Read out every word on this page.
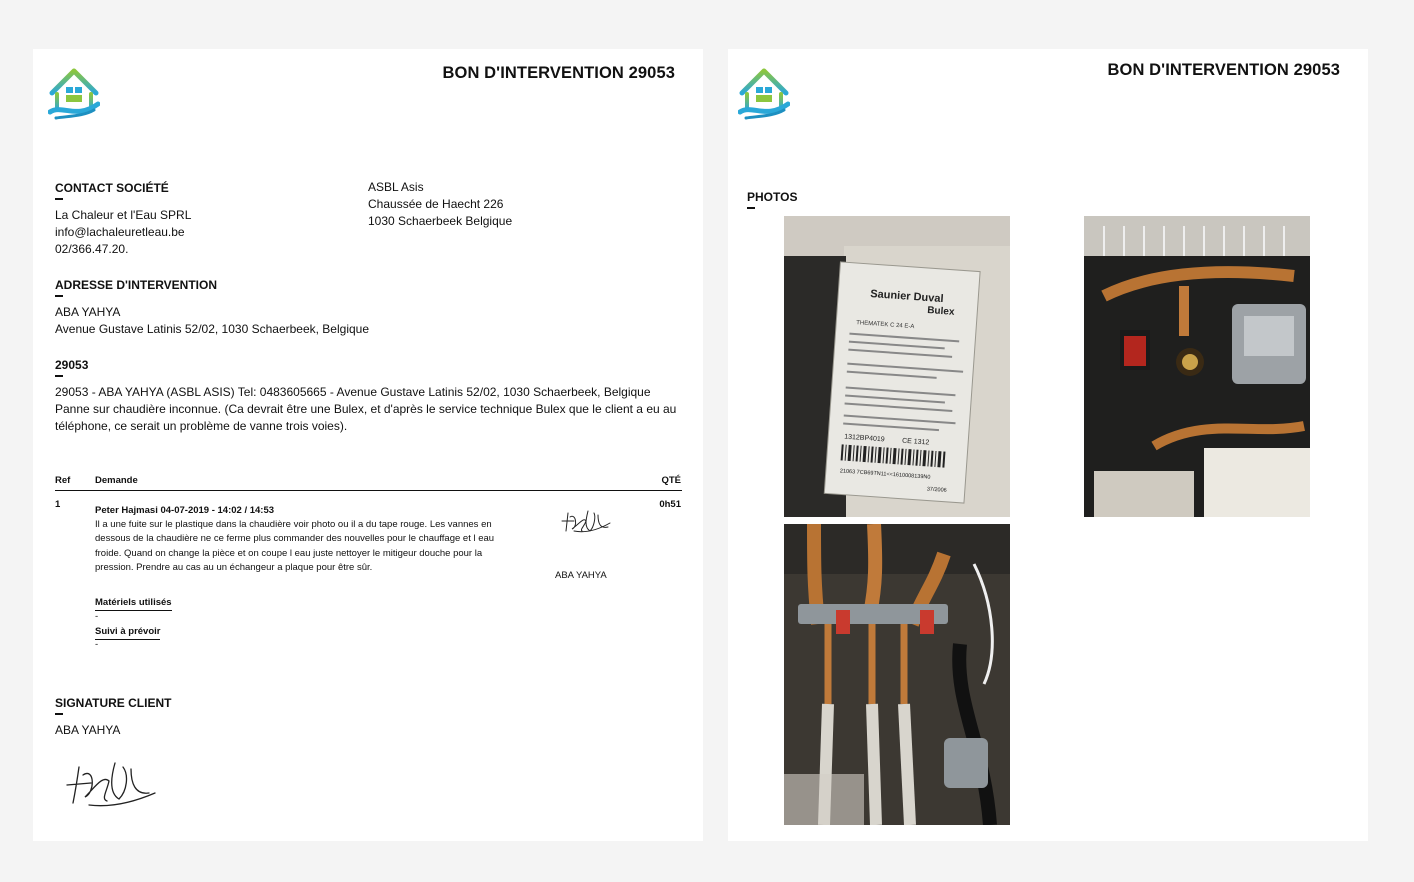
BON D'INTERVENTION 29053
CONTACT SOCIÉTÉ
La Chaleur et l'Eau SPRL
info@lachaleuretleau.be
02/366.47.20.
ASBL Asis
Chaussée de Haecht 226
1030 Schaerbeek Belgique
ADRESSE D'INTERVENTION
ABA YAHYA
Avenue Gustave Latinis 52/02, 1030 Schaerbeek, Belgique
29053
29053 - ABA YAHYA (ASBL ASIS) Tel: 0483605665 - Avenue Gustave Latinis 52/02, 1030 Schaerbeek, Belgique Panne sur chaudière inconnue. (Ca devrait être une Bulex, et d'après le service technique Bulex que le client a eu au téléphone, ce serait un problème de vanne trois voies).
Ref	Demande	QTÉ
1
Peter Hajmasi 04-07-2019 - 14:02 / 14:53
Il a une fuite sur le plastique dans la chaudière voir photo ou il a du tape rouge. Les vannes en dessous de la chaudière ne ce ferme plus commander des nouvelles pour le chauffage et l eau froide. Quand on change la pièce et on coupe l eau juste nettoyer le mitigeur douche pour la pression. Prendre au cas au un échangeur a plaque pour être sûr.
0h51
ABA YAHYA
Matériels utilisés
-
Suivi à prévoir
-
SIGNATURE CLIENT
ABA YAHYA
BON D'INTERVENTION 29053
PHOTOS
Saunier Duval
Bulex
THEMATEK C 24 E-A
1312BP4019 CE 1312
21063 7CB69TN11<<1610008139N0
37/2006
